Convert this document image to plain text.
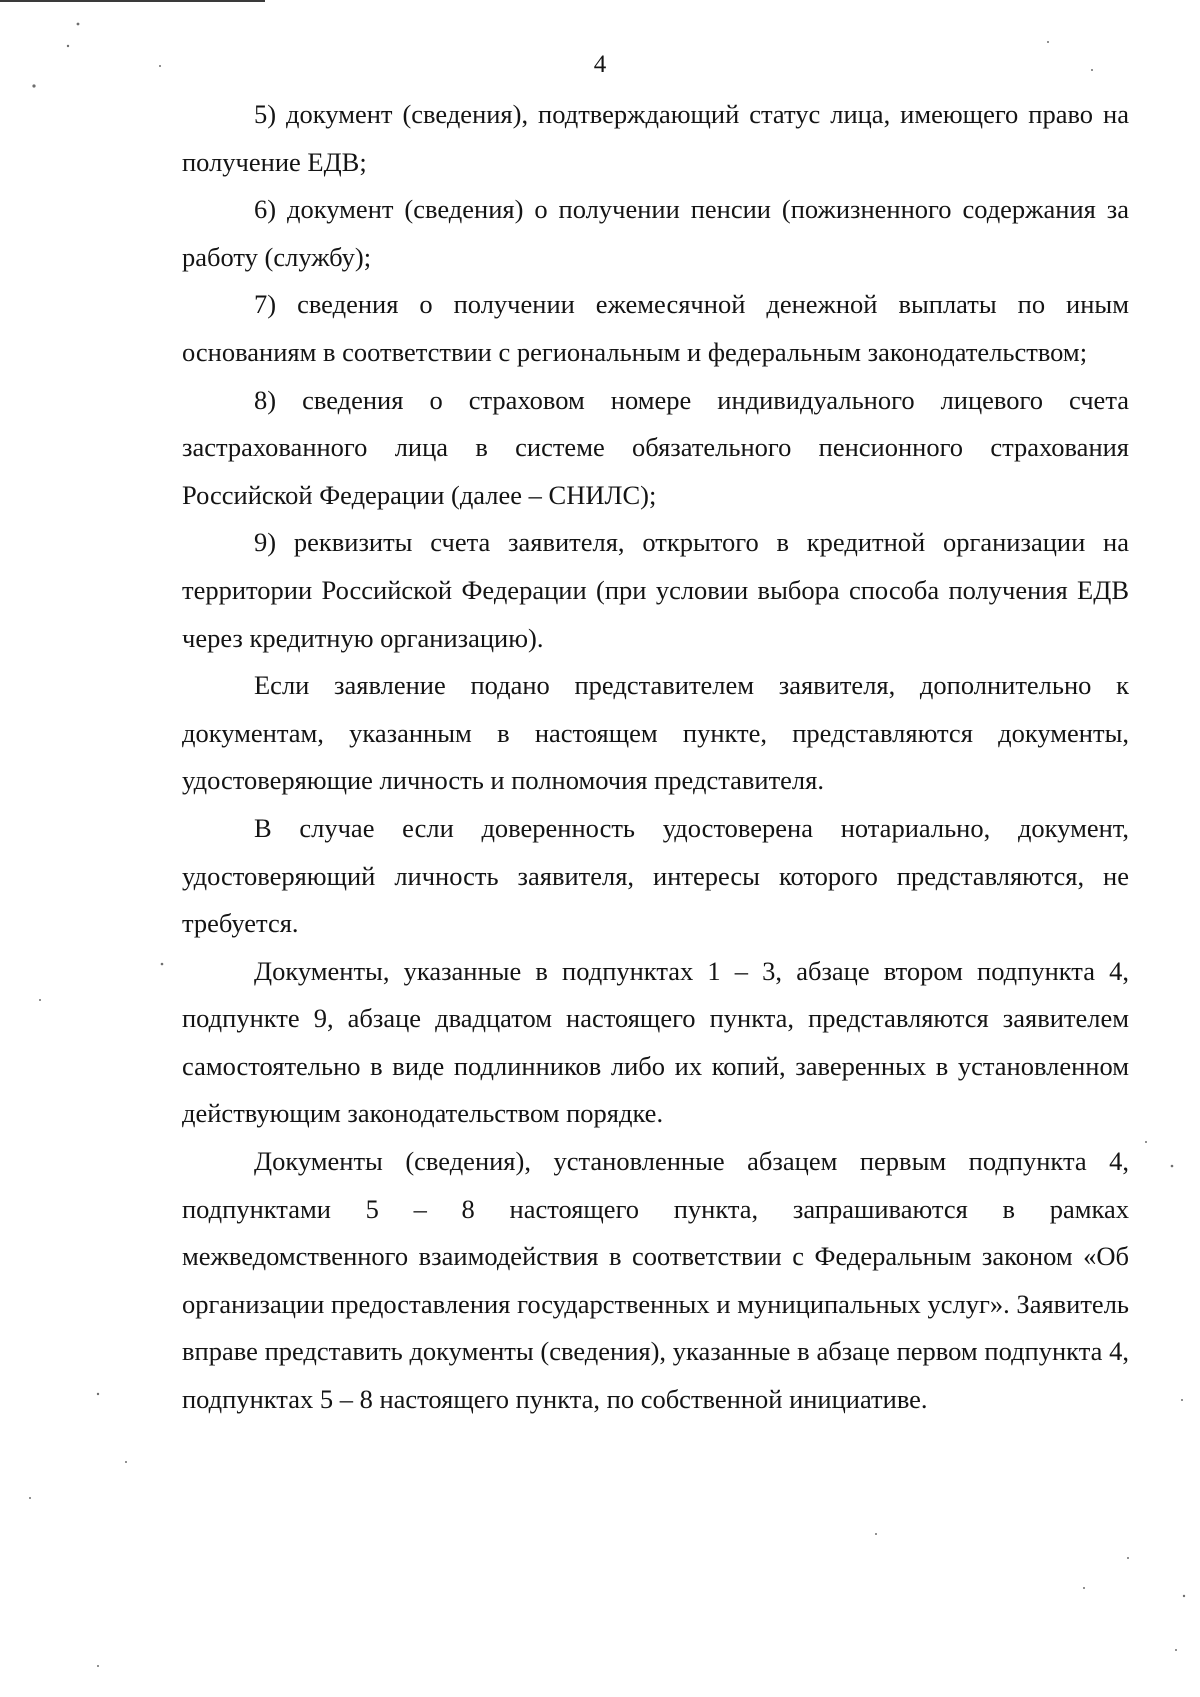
4

5) документ (сведения), подтверждающий статус лица, имеющего право на получение ЕДВ;

6) документ (сведения) о получении пенсии (пожизненного содержания за работу (службу);

7) сведения о получении ежемесячной денежной выплаты по иным основаниям в соответствии с региональным и федеральным законодательством;

8) сведения о страховом номере индивидуального лицевого счета застрахованного лица в системе обязательного пенсионного страхования Российской Федерации (далее – СНИЛС);

9) реквизиты счета заявителя, открытого в кредитной организации на территории Российской Федерации (при условии выбора способа получения ЕДВ через кредитную организацию).

Если заявление подано представителем заявителя, дополнительно к документам, указанным в настоящем пункте, представляются документы, удостоверяющие личность и полномочия представителя.

В случае если доверенность удостоверена нотариально, документ, удостоверяющий личность заявителя, интересы которого представляются, не требуется.

Документы, указанные в подпунктах 1 – 3, абзаце втором подпункта 4, подпункте 9, абзаце двадцатом настоящего пункта, представляются заявителем самостоятельно в виде подлинников либо их копий, заверенных в установленном действующим законодательством порядке.

Документы (сведения), установленные абзацем первым подпункта 4, подпунктами 5 – 8 настоящего пункта, запрашиваются в рамках межведомственного взаимодействия в соответствии с Федеральным законом «Об организации предоставления государственных и муниципальных услуг». Заявитель вправе представить документы (сведения), указанные в абзаце первом подпункта 4, подпунктах 5 – 8 настоящего пункта, по собственной инициативе.
